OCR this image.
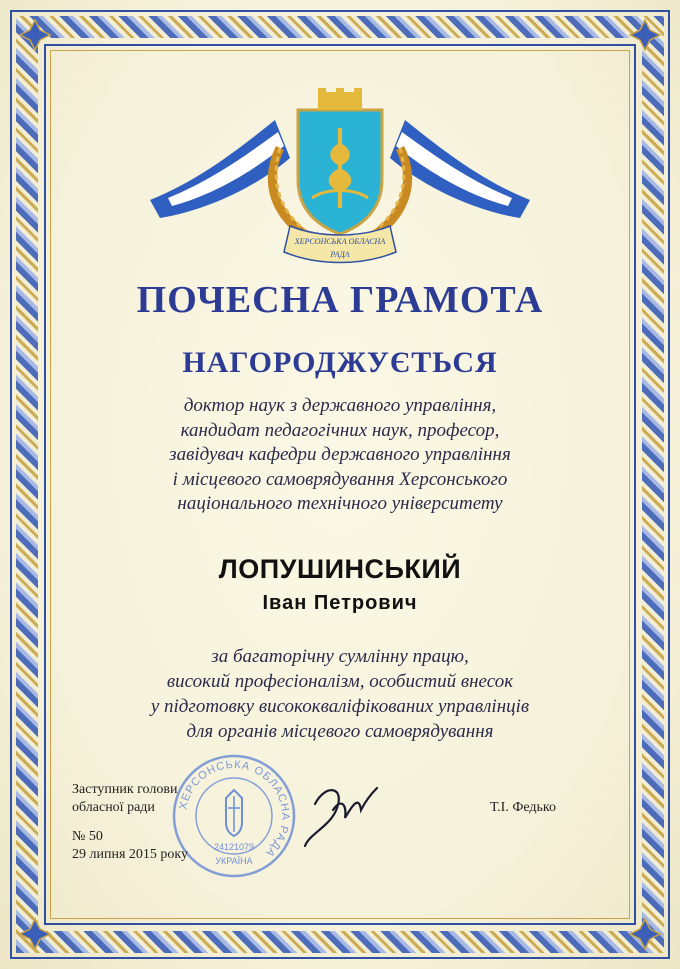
ХЕРСОНСЬКА ОБЛАСНА
РАДА
ПОЧЕСНА ГРАМОТА
НАГОРОДЖУЄТЬСЯ
доктор наук з державного управління,
кандидат педагогічних наук, професор,
завідувач кафедри державного управління
і місцевого самоврядування Херсонського
національного технічного університету
ЛОПУШИНСЬКИЙ
Іван Петрович
за багаторічну сумлінну працю,
високий професіоналізм, особистий внесок
у підготовку висококваліфікованих управлінців
для органів місцевого самоврядування
ХЕРСОНСЬКА ОБЛАСНА РАДА
24121079
УКРАЇНА

Заступник голови

обласної ради	Т.І. Федько

№ 50

29 липня 2015 року
